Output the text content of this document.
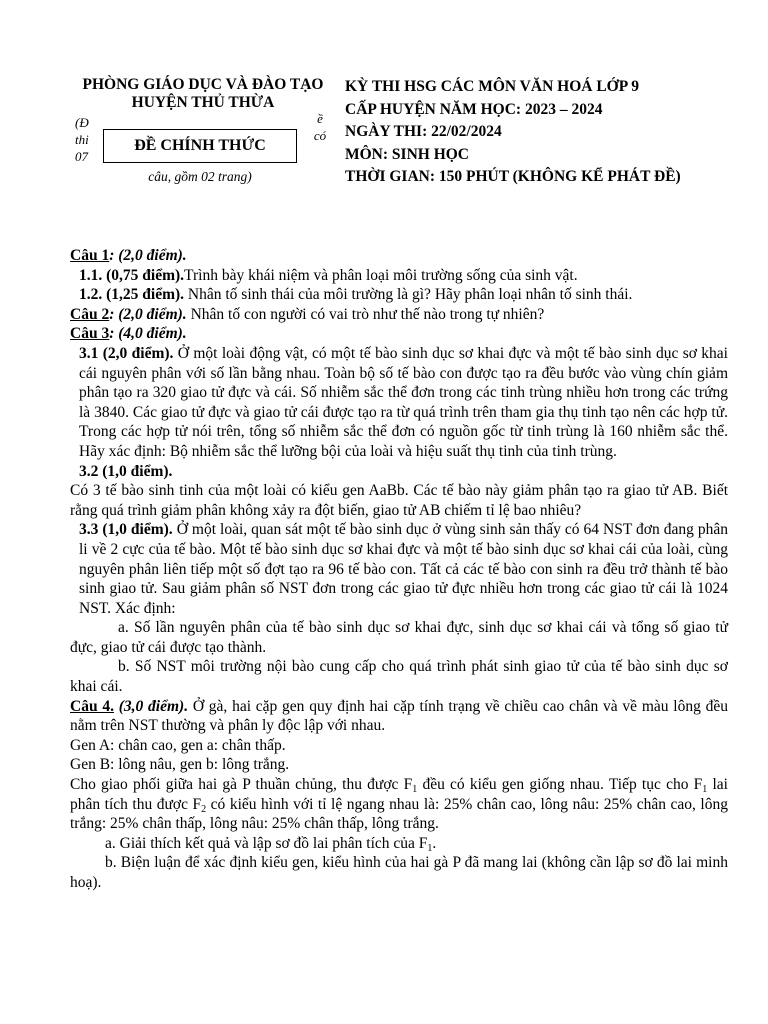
PHÒNG GIÁO DỤC VÀ ĐÀO TẠO
HUYỆN THỦ THỪA
(Đ
thi
07
ề
có
ĐỀ CHÍNH THỨC
câu, gồm 02 trang)
KỲ THI HSG CÁC MÔN VĂN HOÁ LỚP 9
CẤP HUYỆN NĂM HỌC: 2023 – 2024
NGÀY THI: 22/02/2024
MÔN: SINH HỌC
THỜI GIAN: 150 PHÚT (KHÔNG KỂ PHÁT ĐỀ)

Câu 1: (2,0 điểm).

1.1. (0,75 điểm).Trình bày khái niệm và phân loại môi trường sống của sinh vật.

1.2. (1,25 điểm). Nhân tố sinh thái của môi trường là gì? Hãy phân loại nhân tố sinh thái.

Câu 2: (2,0 điểm). Nhân tố con người có vai trò như thế nào trong tự nhiên?

Câu 3: (4,0 điểm).

3.1 (2,0 điểm). Ở một loài động vật, có một tế bào sinh dục sơ khai đực và một tế bào sinh dục sơ khai cái nguyên phân với số lần bằng nhau. Toàn bộ số tế bào con được tạo ra đều bước vào vùng chín giảm phân tạo ra 320 giao tử đực và cái. Số nhiễm sắc thể đơn trong các tinh trùng nhiều hơn trong các trứng là 3840. Các giao tử đực và giao tử cái được tạo ra từ quá trình trên tham gia thụ tinh tạo nên các hợp tử. Trong các hợp tử nói trên, tổng số nhiễm sắc thể đơn có nguồn gốc từ tinh trùng là 160 nhiễm sắc thể. Hãy xác định: Bộ nhiễm sắc thể lưỡng bội của loài và hiệu suất thụ tinh của tinh trùng.

3.2 (1,0 điểm).

Có 3 tế bào sinh tinh của một loài có kiểu gen AaBb. Các tế bào này giảm phân tạo ra giao tử AB. Biết rằng quá trình giảm phân không xảy ra đột biến, giao tử AB chiếm tỉ lệ bao nhiêu?

3.3 (1,0 điểm). Ở một loài, quan sát một tế bào sinh dục ở vùng sinh sản thấy có 64 NST đơn đang phân li về 2 cực của tế bào. Một tế bào sinh dục sơ khai đực và một tế bào sinh dục sơ khai cái của loài, cùng nguyên phân liên tiếp một số đợt tạo ra 96 tế bào con. Tất cả các tế bào con sinh ra đều trở thành tế bào sinh giao tử. Sau giảm phân số NST đơn trong các giao tử đực nhiều hơn trong các giao tử cái là 1024 NST. Xác định:

a. Số lần nguyên phân của tế bào sinh dục sơ khai đực, sinh dục sơ khai cái và tổng số giao tử đực, giao tử cái được tạo thành.

b. Số NST môi trường nội bào cung cấp cho quá trình phát sinh giao tử của tế bào sinh dục sơ khai cái.

Câu 4. (3,0 điểm). Ở gà, hai cặp gen quy định hai cặp tính trạng về chiều cao chân và về màu lông đều nằm trên NST thường và phân ly độc lập với nhau.

Gen A: chân cao, gen a: chân thấp.

Gen B: lông nâu, gen b: lông trắng.

Cho giao phối giữa hai gà P thuần chủng, thu được $F_1$ đều có kiểu gen giống nhau. Tiếp tục cho $F_1$ lai phân tích thu được $F_2$ có kiểu hình với tỉ lệ ngang nhau là: 25% chân cao, lông nâu: 25% chân cao, lông trắng: 25% chân thấp, lông nâu: 25% chân thấp, lông trắng.

a. Giải thích kết quả và lập sơ đồ lai phân tích của $F_1$.

b. Biện luận để xác định kiểu gen, kiểu hình của hai gà P đã mang lai (không cần lập sơ đồ lai minh hoạ).
